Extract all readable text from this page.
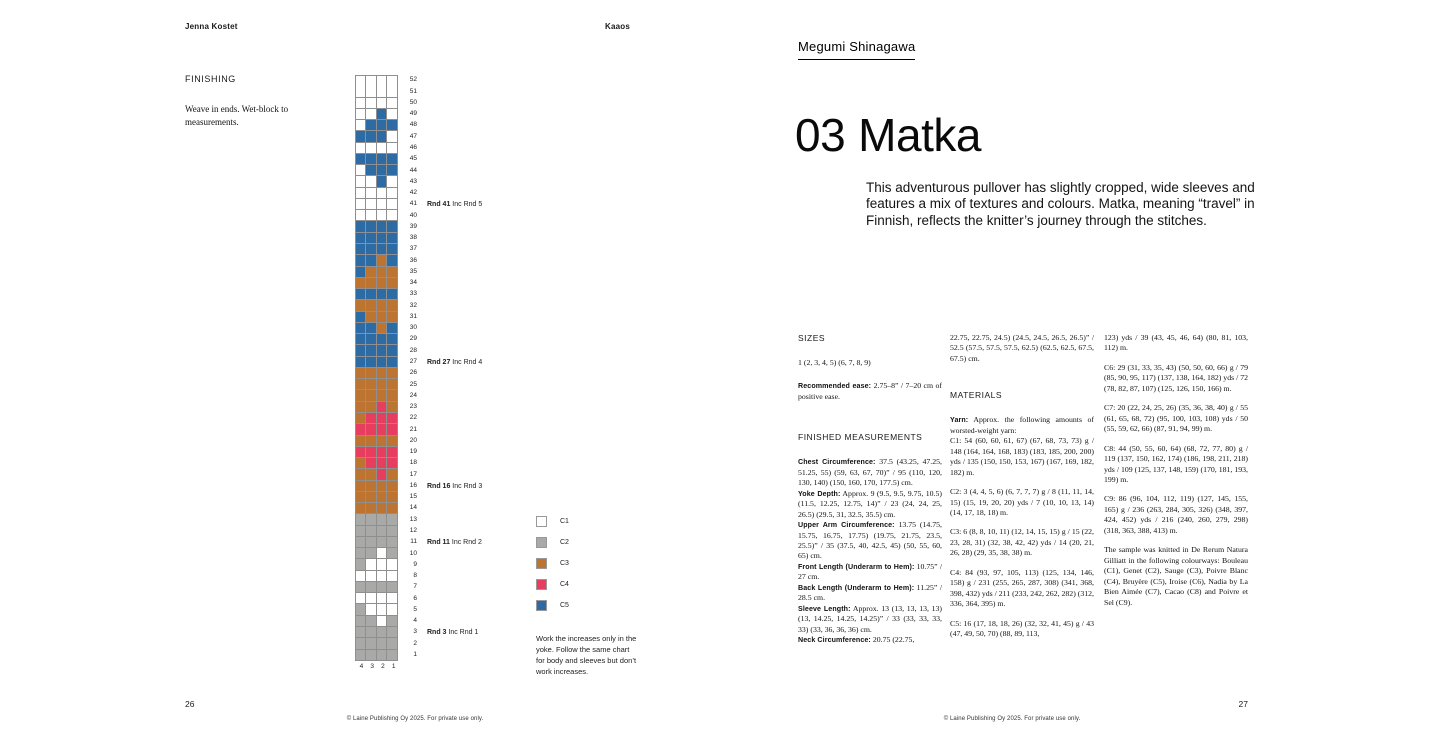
Jenna Kostet	Kaaos
FINISHING
Weave in ends. Wet-block to measurements.
52
51
50
49
48
47
46
45
44
43
42
41 Rnd 41 Inc Rnd 5
40
39
38
37
36
35
34
33
32
31
30
29
28
27 Rnd 27 Inc Rnd 4
26
25
24
23
22
21
20
19
18
17
16 Rnd 16 Inc Rnd 3
15
14
13
12
11 Rnd 11 Inc Rnd 2
10
9
8
7
6
5
4
3 Rnd 3 Inc Rnd 1
2
1
4	3	2	1
C1
C2
C3
C4
C5
Work the increases only in the yoke. Follow the same chart for body and sleeves but don’t work increases.
26
© Laine Publishing Oy 2025. For private use only.
Megumi Shinagawa
03 Matka
This adventurous pullover has slightly cropped, wide sleeves and features a mix of textures and colours. Matka, meaning “travel” in Finnish, reflects the knitter’s journey through the stitches.

SIZES

1 (2, 3, 4, 5) (6, 7, 8, 9)

Recommended ease: 2.75–8” / 7–20 cm of positive ease.

FINISHED MEASUREMENTS

Chest Circumference: 37.5 (43.25, 47.25, 51.25, 55) (59, 63, 67, 70)” / 95 (110, 120, 130, 140) (150, 160, 170, 177.5) cm.

Yoke Depth: Approx. 9 (9.5, 9.5, 9.75, 10.5) (11.5, 12.25, 12.75, 14)” / 23 (24, 24, 25, 26.5) (29.5, 31, 32.5, 35.5) cm.

Upper Arm Circumference: 13.75 (14.75, 15.75, 16.75, 17.75) (19.75, 21.75, 23.5, 25.5)” / 35 (37.5, 40, 42.5, 45) (50, 55, 60, 65) cm.

Front Length (Underarm to Hem): 10.75” / 27 cm.

Back Length (Underarm to Hem): 11.25” / 28.5 cm.

Sleeve Length: Approx. 13 (13, 13, 13, 13) (13, 14.25, 14.25, 14.25)” / 33 (33, 33, 33, 33) (33, 36, 36, 36) cm.

Neck Circumference: 20.75 (22.75,

22.75, 22.75, 24.5) (24.5, 24.5, 26.5, 26.5)” / 52.5 (57.5, 57.5, 57.5, 62.5) (62.5, 62.5, 67.5, 67.5) cm.

MATERIALS

Yarn: Approx. the following amounts of worsted-weight yarn:

C1: 54 (60, 60, 61, 67) (67, 68, 73, 73) g / 148 (164, 164, 168, 183) (183, 185, 200, 200) yds / 135 (150, 150, 153, 167) (167, 169, 182, 182) m.

C2: 3 (4, 4, 5, 6) (6, 7, 7, 7) g / 8 (11, 11, 14, 15) (15, 19, 20, 20) yds / 7 (10, 10, 13, 14) (14, 17, 18, 18) m.

C3: 6 (8, 8, 10, 11) (12, 14, 15, 15) g / 15 (22, 23, 28, 31) (32, 38, 42, 42) yds / 14 (20, 21, 26, 28) (29, 35, 38, 38) m.

C4: 84 (93, 97, 105, 113) (125, 134, 146, 158) g / 231 (255, 265, 287, 308) (341, 368, 398, 432) yds / 211 (233, 242, 262, 282) (312, 336, 364, 395) m.

C5: 16 (17, 18, 18, 26) (32, 32, 41, 45) g / 43 (47, 49, 50, 70) (88, 89, 113,

123) yds / 39 (43, 45, 46, 64) (80, 81, 103, 112) m.

C6: 29 (31, 33, 35, 43) (50, 50, 60, 66) g / 79 (85, 90, 95, 117) (137, 138, 164, 182) yds / 72 (78, 82, 87, 107) (125, 126, 150, 166) m.

C7: 20 (22, 24, 25, 26) (35, 36, 38, 40) g / 55 (61, 65, 68, 72) (95, 100, 103, 108) yds / 50 (55, 59, 62, 66) (87, 91, 94, 99) m.

C8: 44 (50, 55, 60, 64) (68, 72, 77, 80) g / 119 (137, 150, 162, 174) (186, 198, 211, 218) yds / 109 (125, 137, 148, 159) (170, 181, 193, 199) m.

C9: 86 (96, 104, 112, 119) (127, 145, 155, 165) g / 236 (263, 284, 305, 326) (348, 397, 424, 452) yds / 216 (240, 260, 279, 298) (318, 363, 388, 413) m.

The sample was knitted in De Rerum Natura Gilliatt in the following colourways: Bouleau (C1), Genet (C2), Sauge (C3), Poivre Blanc (C4), Bruyère (C5), Iroise (C6), Nadia by La Bien Aimée (C7), Cacao (C8) and Poivre et Sel (C9).

27
© Laine Publishing Oy 2025. For private use only.
